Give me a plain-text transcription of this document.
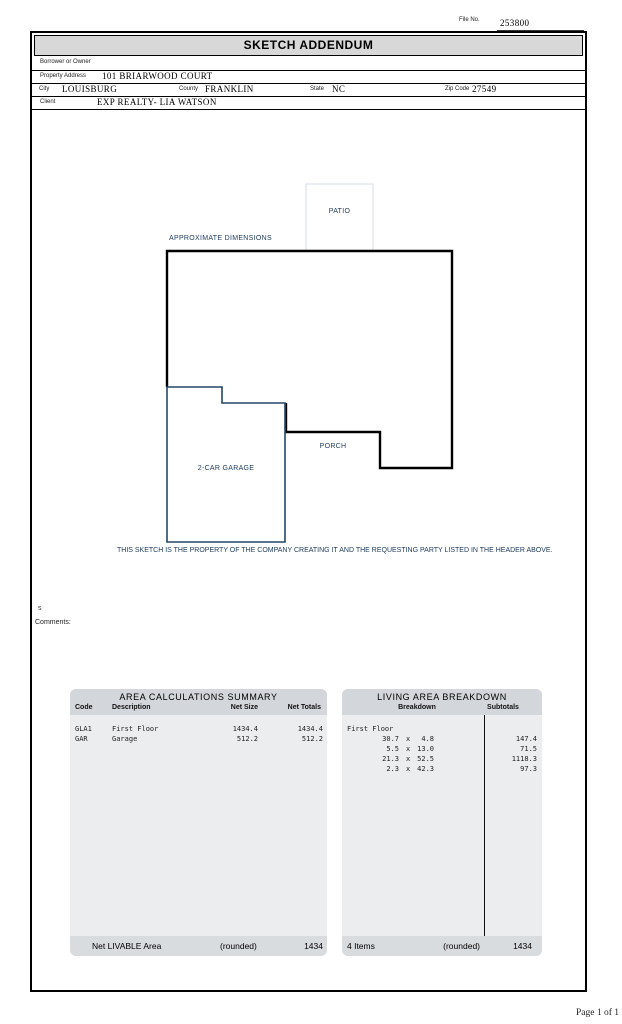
File No. 253800
SKETCH ADDENDUM
Borrower or Owner
Property Address 101 BRIARWOOD COURT
City LOUISBURG	County FRANKLIN	State NC	Zip Code 27549
Client	EXP REALTY- LIA WATSON
PATIO
APPROXIMATE DIMENSIONS
PORCH
2-CAR GARAGE
THIS SKETCH IS THE PROPERTY OF THE COMPANY CREATING IT AND THE REQUESTING PARTY LISTED IN THE HEADER ABOVE.
s
Comments:
AREA CALCULATIONS SUMMARY
Code	Description	Net Size	Net Totals
GLA1	First Floor	1434.4	1434.4
GAR	Garage	512.2	512.2
Net LIVABLE Area	(rounded)	1434
LIVING AREA BREAKDOWN
Breakdown	Subtotals
First Floor
30.7 x 4.8	147.4
5.5 x 13.0	71.5
21.3 x 52.5	1118.3
2.3 x 42.3	97.3
4 Items	(rounded)	1434
Page 1 of 1
